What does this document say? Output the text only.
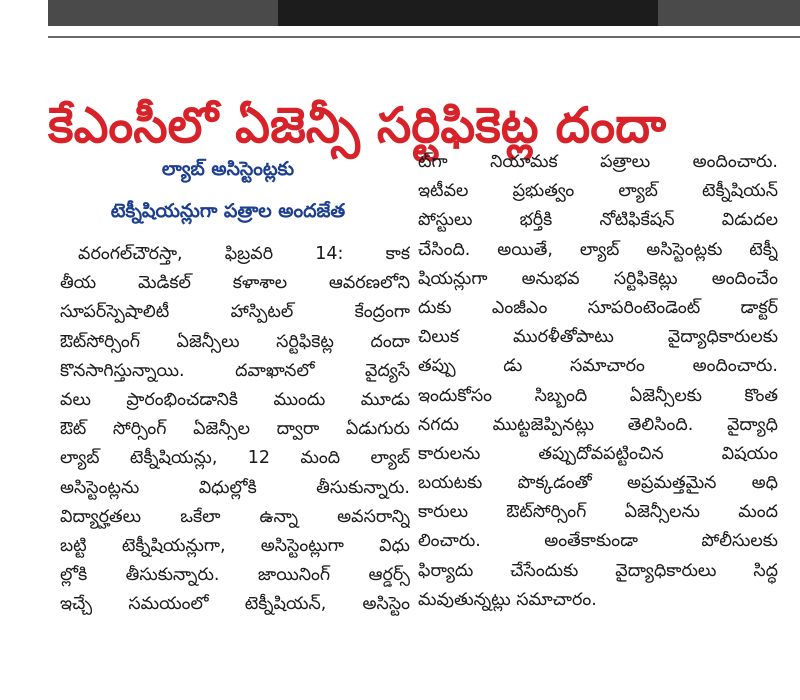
కేఎంసీలో ఏజెన్సీ సర్టిఫికెట్ల దందా
ల్యాబ్ అసిస్టెంట్లకు
టెక్నీషియన్లుగా పత్రాల అందజేత
వరంగల్‌చౌరస్తా, ఫిబ్రవరి 14: కాక
తీయ మెడికల్ కళాశాల ఆవరణలోని
సూపర్‌స్పెషాలిటీ హాస్పిటల్ కేంద్రంగా
ఔట్‌సోర్సింగ్ ఏజెన్సీలు సర్టిఫికెట్ల దందా
కొనసాగిస్తున్నాయి. దవాఖానలో వైద్యసే
వలు ప్రారంభించడానికి ముందు మూడు
ఔట్ సోర్సింగ్ ఏజెన్సీల ద్వారా ఏడుగురు
ల్యాబ్ టెక్నీషియన్లు, 12 మంది ల్యాబ్
అసిస్టెంట్లను విధుల్లోకి తీసుకున్నారు.
విద్యార్హతలు ఒకేలా ఉన్నా అవసరాన్ని
బట్టి టెక్నీషియన్లుగా, అసిస్టెంట్లుగా విధు
ల్లోకి తీసుకున్నారు. జాయినింగ్ ఆర్డర్స్
ఇచ్చే సమయంలో టెక్నీషియన్, అసిస్టెం
ట్‌గా నియామక పత్రాలు అందించారు.
ఇటీవల ప్రభుత్వం ల్యాబ్ టెక్నీషియన్
పోస్టులు భర్తీకి నోటిఫికేషన్ విడుదల
చేసింది. అయితే, ల్యాబ్ అసిస్టెంట్లకు టెక్నీ
షియన్లుగా అనుభవ సర్టిఫికెట్లు అందించేం
దుకు ఎంజీఎం సూపరింటెండెంట్ డాక్టర్
చిలుక మురళీతోపాటు వైద్యాధికారులకు
తప్పు డు సమాచారం అందించారు.
ఇందుకోసం సిబ్బంది ఏజెన్సీలకు కొంత
నగదు ముట్టజెప్పినట్లు తెలిసింది. వైద్యాధి
కారులను తప్పుదోవపట్టించిన విషయం
బయటకు పొక్కడంతో అప్రమత్తమైన అధి
కారులు ఔట్‌సోర్సింగ్ ఏజెన్సీలను మంద
లించారు. అంతేకాకుండా పోలీసులకు
ఫిర్యాదు చేసేందుకు వైద్యాధికారులు సిద్ధ
మవుతున్నట్లు సమాచారం.
